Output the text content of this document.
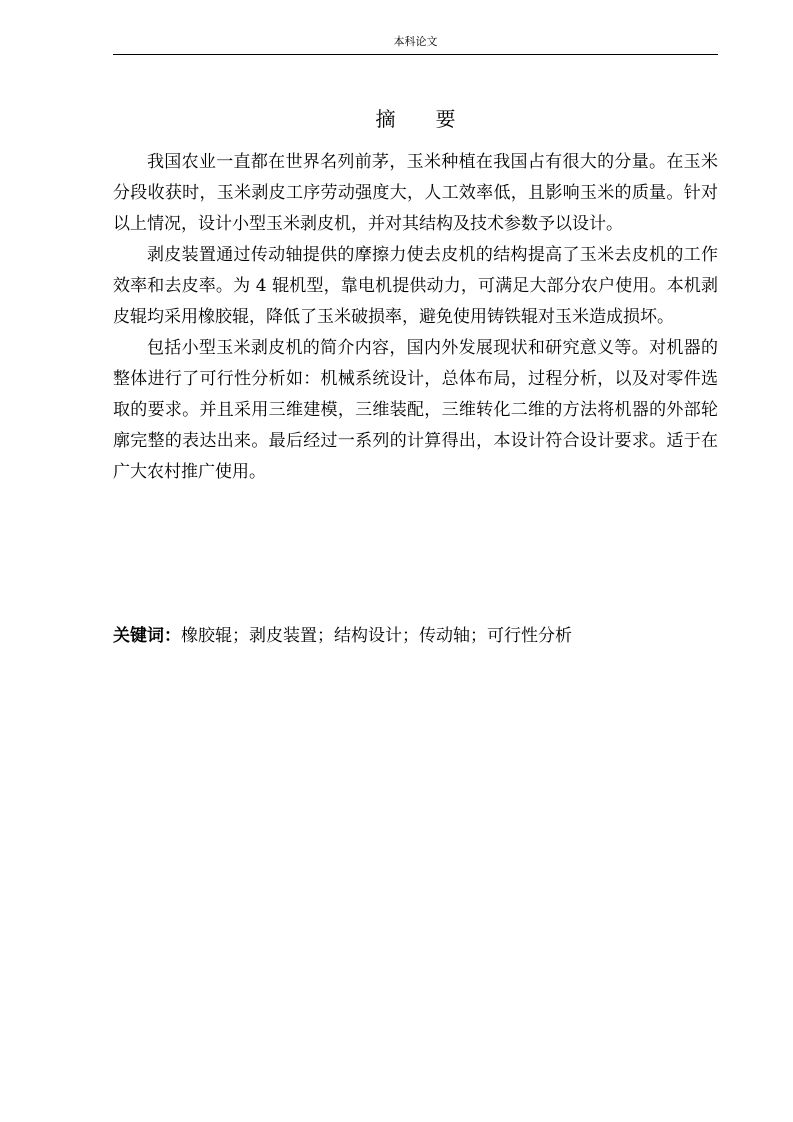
本科论文
摘 要

我国农业一直都在世界名列前茅，玉米种植在我国占有很大的分量。在玉米分段收获时，玉米剥皮工序劳动强度大，人工效率低，且影响玉米的质量。针对以上情况，设计小型玉米剥皮机，并对其结构及技术参数予以设计。

剥皮装置通过传动轴提供的摩擦力使去皮机的结构提高了玉米去皮机的工作效率和去皮率。为 4 辊机型，靠电机提供动力，可满足大部分农户使用。本机剥皮辊均采用橡胶辊，降低了玉米破损率，避免使用铸铁辊对玉米造成损坏。

包括小型玉米剥皮机的简介内容，国内外发展现状和研究意义等。对机器的整体进行了可行性分析如：机械系统设计，总体布局，过程分析，以及对零件选取的要求。并且采用三维建模，三维装配，三维转化二维的方法将机器的外部轮廓完整的表达出来。最后经过一系列的计算得出，本设计符合设计要求。适于在广大农村推广使用。

关键词：橡胶辊；剥皮装置；结构设计；传动轴；可行性分析
